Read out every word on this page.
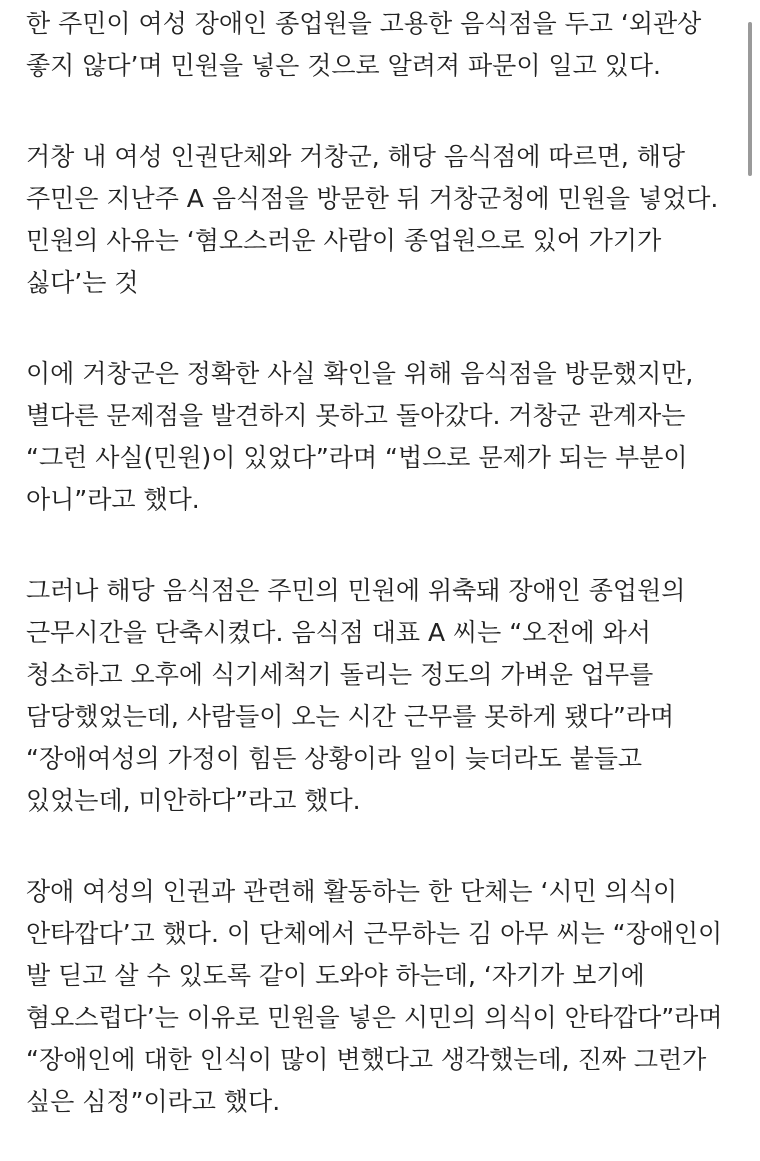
한 주민이 여성 장애인 종업원을 고용한 음식점을 두고 ‘외관상 좋지 않다’며 민원을 넣은 것으로 알려져 파문이 일고 있다.

거창 내 여성 인권단체와 거창군, 해당 음식점에 따르면, 해당 주민은 지난주 A 음식점을 방문한 뒤 거창군청에 민원을 넣었다. 민원의 사유는 ‘혐오스러운 사람이 종업원으로 있어 가기가 싫다’는 것

이에 거창군은 정확한 사실 확인을 위해 음식점을 방문했지만, 별다른 문제점을 발견하지 못하고 돌아갔다. 거창군 관계자는 “그런 사실(민원)이 있었다”라며 “법으로 문제가 되는 부분이 아니”라고 했다.

그러나 해당 음식점은 주민의 민원에 위축돼 장애인 종업원의 근무시간을 단축시켰다. 음식점 대표 A 씨는 “오전에 와서 청소하고 오후에 식기세척기 돌리는 정도의 가벼운 업무를 담당했었는데, 사람들이 오는 시간 근무를 못하게 됐다”라며 “장애여성의 가정이 힘든 상황이라 일이 늦더라도 붙들고 있었는데, 미안하다”라고 했다.

장애 여성의 인권과 관련해 활동하는 한 단체는 ‘시민 의식이 안타깝다’고 했다. 이 단체에서 근무하는 김 아무 씨는 “장애인이 발 딛고 살 수 있도록 같이 도와야 하는데, ‘자기가 보기에 혐오스럽다’는 이유로 민원을 넣은 시민의 의식이 안타깝다”라며 “장애인에 대한 인식이 많이 변했다고 생각했는데, 진짜 그런가 싶은 심정”이라고 했다.
